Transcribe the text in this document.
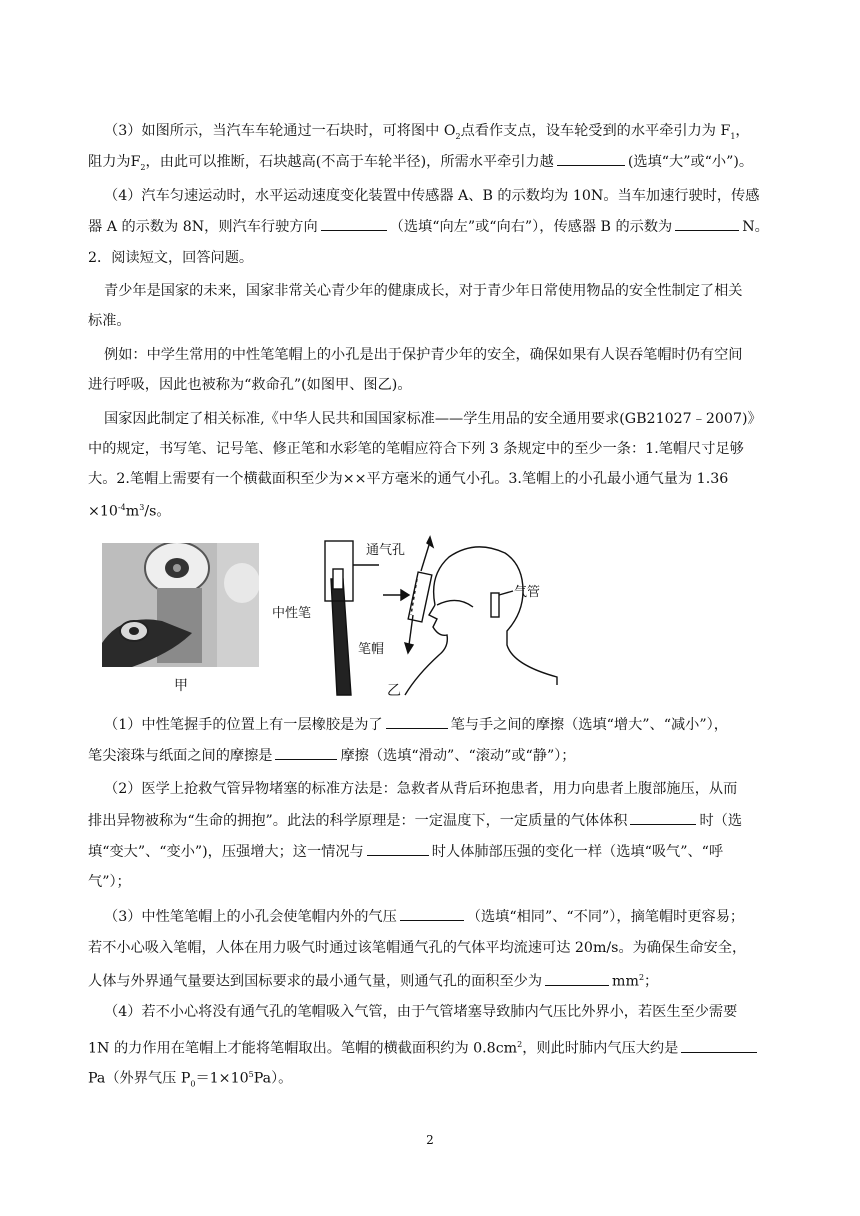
（3）如图所示，当汽车车轮通过一石块时，可将图中 $O_2$点看作支点，设车轮受到的水平牵引力为 $F_1$，
阻力为$F_2$，由此可以推断，石块越高(不高于车轮半径)，所需水平牵引力越	(选填“大”或“小”)。
（4）汽车匀速运动时，水平运动速度变化装置中传感器 A、B 的示数均为 10N。当车加速行驶时，传感
器 A 的示数为 8N，则汽车行驶方向	（选填“向左”或“向右”），传感器 B 的示数为	N。
2．阅读短文，回答问题。
青少年是国家的未来，国家非常关心青少年的健康成长，对于青少年日常使用物品的安全性制定了相关
标准。
例如：中学生常用的中性笔笔帽上的小孔是出于保护青少年的安全，确保如果有人误吞笔帽时仍有空间
进行呼吸，因此也被称为“救命孔”(如图甲、图乙)。
国家因此制定了相关标准,《中华人民共和国国家标准——学生用品的安全通用要求(GB21027﹣2007)》
中的规定，书写笔、记号笔、修正笔和水彩笔的笔帽应符合下列 3 条规定中的至少一条：1.笔帽尺寸足够
大。2.笔帽上需要有一个横截面积至少为××平方毫米的通气小孔。3.笔帽上的小孔最小通气量为 1.36
$\times 10^{-4}m^3/s$。
甲
通气孔
中性笔
笔帽
气管
乙
（1）中性笔握手的位置上有一层橡胶是为了	笔与手之间的摩擦（选填“增大”、“减小”），
笔尖滚珠与纸面之间的摩擦是	摩擦（选填“滑动”、“滚动”或“静”）；
（2）医学上抢救气管异物堵塞的标准方法是：急救者从背后环抱患者，用力向患者上腹部施压，从而
排出异物被称为“生命的拥抱”。此法的科学原理是：一定温度下，一定质量的气体体积	时（选
填“变大”、“变小”)，压强增大；这一情况与	时人体肺部压强的变化一样（选填“吸气”、“呼
气”）；
（3）中性笔笔帽上的小孔会使笔帽内外的气压	（选填“相同”、“不同”），摘笔帽时更容易；
若不小心吸入笔帽，人体在用力吸气时通过该笔帽通气孔的气体平均流速可达 20m/s。为确保生命安全，
人体与外界通气量要达到国标要求的最小通气量，则通气孔的面积至少为	$mm^2$；
（4）若不小心将没有通气孔的笔帽吸入气管，由于气管堵塞导致肺内气压比外界小，若医生至少需要
1N 的力作用在笔帽上才能将笔帽取出。笔帽的横截面积约为 $0.8cm^2$，则此时肺内气压大约是
Pa（外界气压 $P_0=1\times 10^5Pa$）。
2
